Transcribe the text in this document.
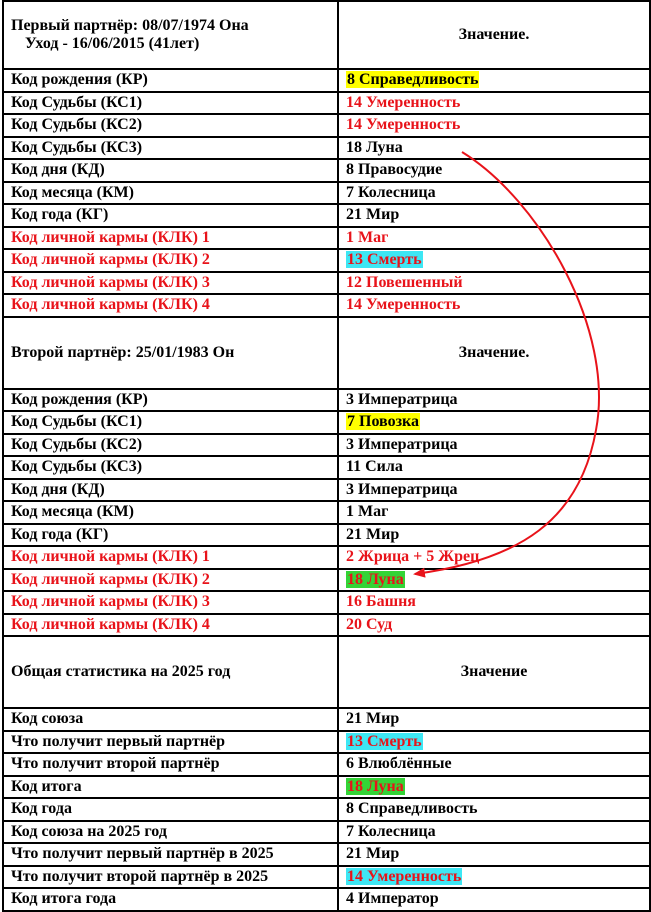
Первый партнёр: 08/07/1974 Она
Уход - 16/06/2015 (41лет)	Значение.
Код рождения (КР)	8 Справедливость
Код Судьбы (КС1)	14 Умеренность
Код Судьбы (КС2)	14 Умеренность
Код Судьбы (КС3)	18 Луна
Код дня (КД)	8 Правосудие
Код месяца (КМ)	7 Колесница
Код года (КГ)	21 Мир
Код личной кармы (КЛК) 1	1 Маг
Код личной кармы (КЛК) 2	13 Смерть
Код личной кармы (КЛК) 3	12 Повешенный
Код личной кармы (КЛК) 4	14 Умеренность
Второй партнёр: 25/01/1983 Он	Значение.
Код рождения (КР)	3 Императрица
Код Судьбы (КС1)	7 Повозка
Код Судьбы (КС2)	3 Императрица
Код Судьбы (КС3)	11 Сила
Код дня (КД)	3 Императрица
Код месяца (КМ)	1 Маг
Код года (КГ)	21 Мир
Код личной кармы (КЛК) 1	2 Жрица + 5 Жрец
Код личной кармы (КЛК) 2	18 Луна
Код личной кармы (КЛК) 3	16 Башня
Код личной кармы (КЛК) 4	20 Суд
Общая статистика на 2025 год	Значение
Код союза	21 Мир
Что получит первый партнёр	13 Смерть
Что получит второй партнёр	6 Влюблённые
Код итога	18 Луна
Код года	8 Справедливость
Код союза на 2025 год	7 Колесница
Что получит первый партнёр в 2025	21 Мир
Что получит второй партнёр в 2025	14 Умеренность
Код итога года	4 Император
